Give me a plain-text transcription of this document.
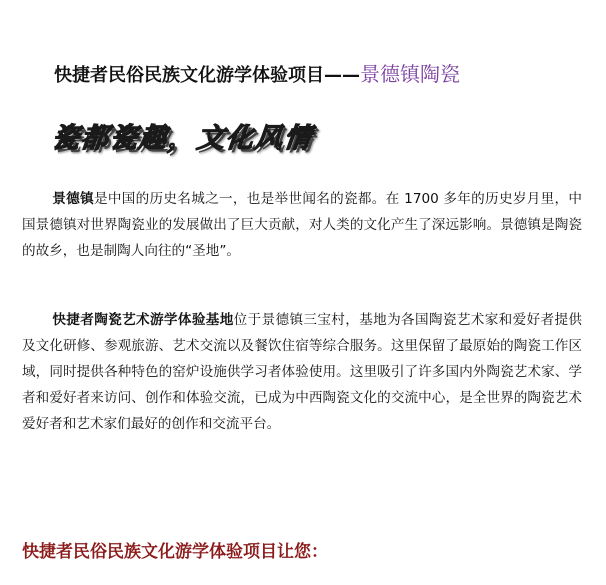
快捷者民俗民族文化游学体验项目——景德镇陶瓷
瓷都瓷趣，文化风情
景德镇是中国的历史名城之一，也是举世闻名的瓷都。在 1700 多年的历史岁月里，中国景德镇对世界陶瓷业的发展做出了巨大贡献，对人类的文化产生了深远影响。景德镇是陶瓷的故乡，也是制陶人向往的“圣地”。
快捷者陶瓷艺术游学体验基地位于景德镇三宝村，基地为各国陶瓷艺术家和爱好者提供及文化研修、参观旅游、艺术交流以及餐饮住宿等综合服务。这里保留了最原始的陶瓷工作区域，同时提供各种特色的窑炉设施供学习者体验使用。这里吸引了许多国内外陶瓷艺术家、学者和爱好者来访问、创作和体验交流，已成为中西陶瓷文化的交流中心，是全世界的陶瓷艺术爱好者和艺术家们最好的创作和交流平台。
快捷者民俗民族文化游学体验项目让您：
